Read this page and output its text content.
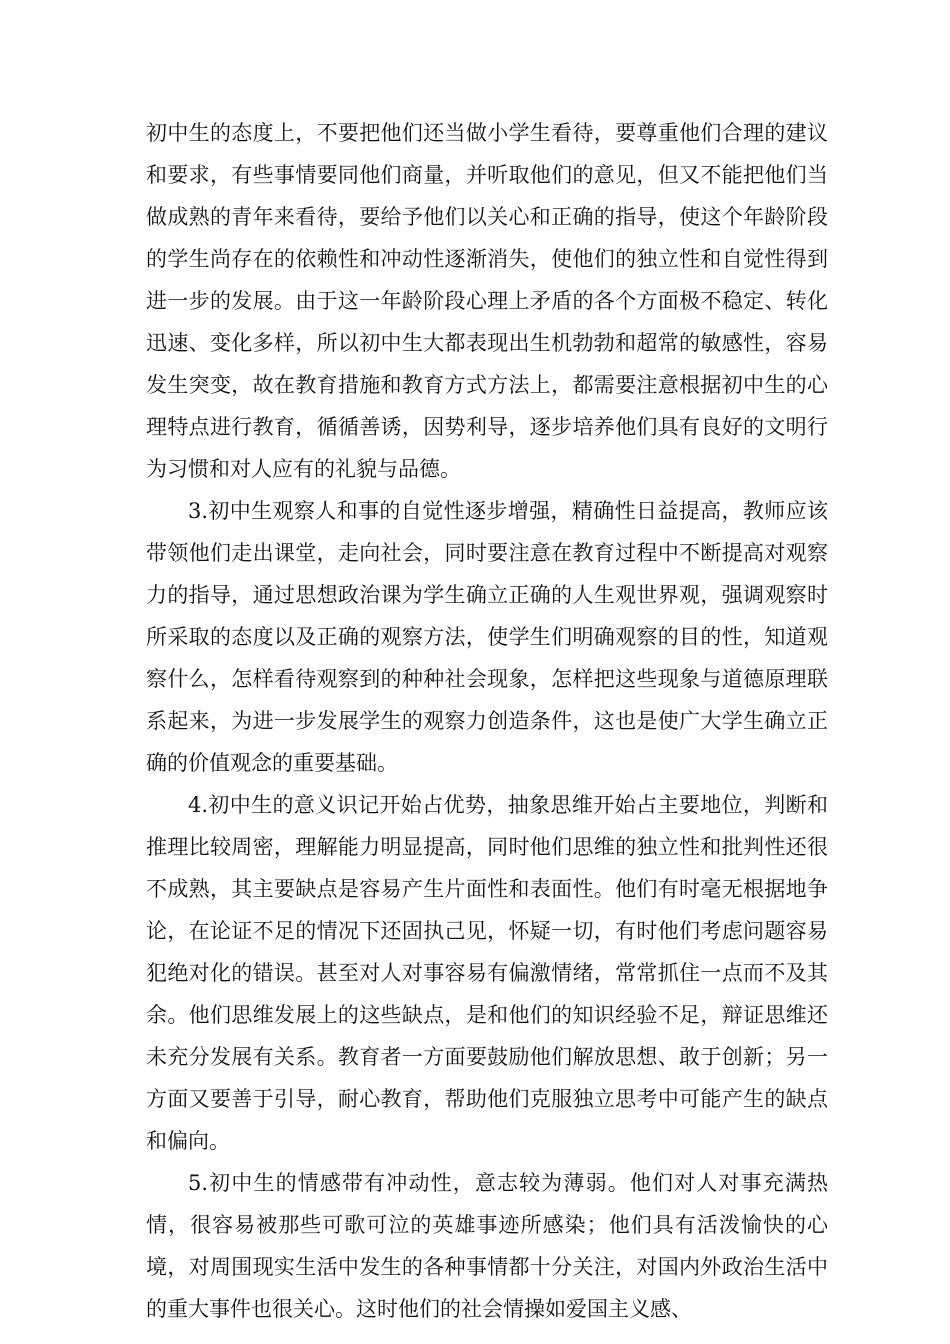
初中生的态度上，不要把他们还当做小学生看待，要尊重他们合理的建议和要求，有些事情要同他们商量，并听取他们的意见，但又不能把他们当做成熟的青年来看待，要给予他们以关心和正确的指导，使这个年龄阶段的学生尚存在的依赖性和冲动性逐渐消失，使他们的独立性和自觉性得到进一步的发展。由于这一年龄阶段心理上矛盾的各个方面极不稳定、转化迅速、变化多样，所以初中生大都表现出生机勃勃和超常的敏感性，容易发生突变，故在教育措施和教育方式方法上，都需要注意根据初中生的心理特点进行教育，循循善诱，因势利导，逐步培养他们具有良好的文明行为习惯和对人应有的礼貌与品德。

3.初中生观察人和事的自觉性逐步增强，精确性日益提高，教师应该带领他们走出课堂，走向社会，同时要注意在教育过程中不断提高对观察力的指导，通过思想政治课为学生确立正确的人生观世界观，强调观察时所采取的态度以及正确的观察方法，使学生们明确观察的目的性，知道观察什么，怎样看待观察到的种种社会现象，怎样把这些现象与道德原理联系起来，为进一步发展学生的观察力创造条件，这也是使广大学生确立正确的价值观念的重要基础。

4.初中生的意义识记开始占优势，抽象思维开始占主要地位，判断和推理比较周密，理解能力明显提高，同时他们思维的独立性和批判性还很不成熟，其主要缺点是容易产生片面性和表面性。他们有时毫无根据地争论，在论证不足的情况下还固执己见，怀疑一切，有时他们考虑问题容易犯绝对化的错误。甚至对人对事容易有偏激情绪，常常抓住一点而不及其余。他们思维发展上的这些缺点，是和他们的知识经验不足，辩证思维还未充分发展有关系。教育者一方面要鼓励他们解放思想、敢于创新；另一方面又要善于引导，耐心教育，帮助他们克服独立思考中可能产生的缺点和偏向。

5.初中生的情感带有冲动性，意志较为薄弱。他们对人对事充满热情，很容易被那些可歌可泣的英雄事迹所感染；他们具有活泼愉快的心境，对周围现实生活中发生的各种事情都十分关注，对国内外政治生活中的重大事件也很关心。这时他们的社会情操如爱国主义感、
